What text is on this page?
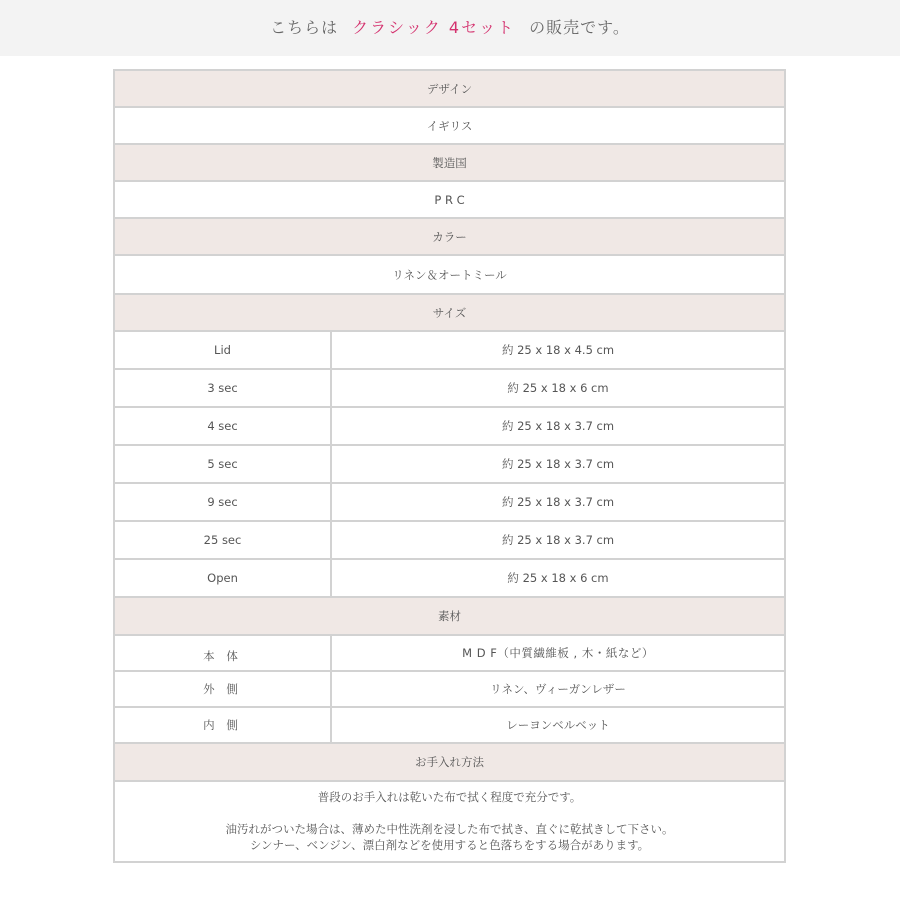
こちらは クラシック 4セット の販売です。
デザイン	
イギリス	
製造国	
P R C	
カラー	
リネン＆オートミール	
サイズ	
Lid	約 25 x 18 x 4.5 cm
3 sec	約 25 x 18 x 6 cm
4 sec	約 25 x 18 x 3.7 cm
5 sec	約 25 x 18 x 3.7 cm
9 sec	約 25 x 18 x 3.7 cm
25 sec	約 25 x 18 x 3.7 cm
Open	約 25 x 18 x 6 cm
素材	
本 体	M D F（中質繊維板 , 木・紙など）
外 側	リネン、ヴィーガンレザー
内 側	レーヨンベルベット
お手入れ方法	
普段のお手入れは乾いた布で拭く程度で充分です。
油汚れがついた場合は、薄めた中性洗剤を浸した布で拭き、直ぐに乾拭きして下さい。
シンナー、ベンジン、漂白剤などを使用すると色落ちをする場合があります。	
